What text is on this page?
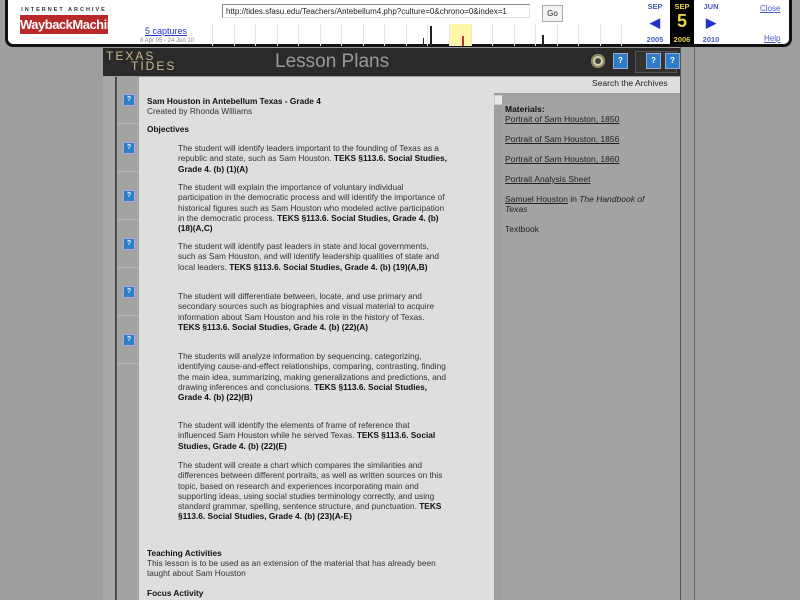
INTERNET ARCHIVE
WaybackMachine	5 captures
8 Apr 05 - 24 Jun 10
http://tides.sfasu.edu/Teachers/Antebellum4.php?culture=0&chrono=0&index=1	Go
SEP
◀
2005
SEP
5
2006
JUN
▶
2010
Close
Help
TEXAS
TIDES	Lesson Plans	?	?	?
?
?
?
?
?
?
Search the Archives
Sam Houston in Antebellum Texas - Grade 4
Created by Rhonda Williams
Objectives
The student will identify leaders important to the founding of Texas as a republic and state, such as Sam Houston. TEKS §113.6. Social Studies, Grade 4. (b) (1)(A)
The student will explain the importance of voluntary individual participation in the democratic process and will identify the importance of historical figures such as Sam Houston who modeled active participation in the democratic process. TEKS §113.6. Social Studies, Grade 4. (b) (18)(A,C)
The student will identify past leaders in state and local governments, such as Sam Houston, and will identify leadership qualities of state and local leaders. TEKS §113.6. Social Studies, Grade 4. (b) (19)(A,B)
The student will differentiate between, locate, and use primary and secondary sources such as biographies and visual material to acquire information about Sam Houston and his role in the history of Texas. TEKS §113.6. Social Studies, Grade 4. (b) (22)(A)
The students will analyze information by sequencing, categorizing, identifying cause-and-effect relationships, comparing, contrasting, finding the main idea, summarizing, making generalizations and predictions, and drawing inferences and conclusions. TEKS §113.6. Social Studies, Grade 4. (b) (22)(B)
The student will identify the elements of frame of reference that influenced Sam Houston while he served Texas. TEKS §113.6. Social Studies, Grade 4. (b) (22)(E)
The student will create a chart which compares the similarities and differences between different portraits, as well as written sources on this topic, based on research and experiences incorporating main and supporting ideas, using social studies terminology correctly, and using standard grammar, spelling, sentence structure, and punctuation. TEKS §113.6. Social Studies, Grade 4. (b) (23)(A-E)
Teaching Activities
This lesson is to be used as an extension of the material that has already been taught about Sam Houston
Focus Activity
Materials:
Portrait of Sam Houston, 1850
Portrait of Sam Houston, 1856
Portrait of Sam Houston, 1860
Portrait Analysis Sheet
Samuel Houston in The Handbook of
Texas
Textbook
